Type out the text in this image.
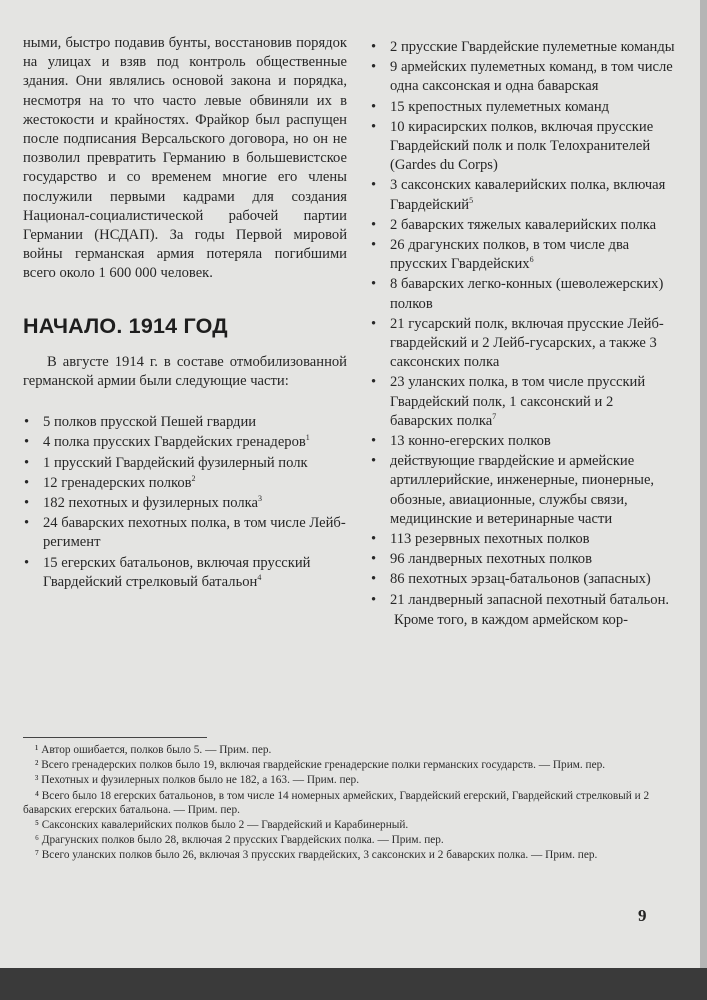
ными, быстро подавив бунты, восстановив порядок на улицах и взяв под контроль общественные здания. Они являлись основой закона и порядка, несмотря на то что часто левые обвиняли их в жестокости и крайностях. Фрайкор был распущен после подписания Версальского договора, но он не позволил превратить Германию в большевистское государство и со временем многие его члены послужили первыми кадрами для создания Национал-социалистической рабочей партии Германии (НСДАП). За годы Первой мировой войны германская армия потеряла погибшими всего около 1 600 000 человек.

НАЧАЛО. 1914 ГОД

В августе 1914 г. в составе отмобилизованной германской армии были следующие части:

• 5 полков прусской Пешей гвардии
• 4 полка прусских Гвардейских гренадеров$^1$
• 1 прусский Гвардейский фузилерный полк
• 12 гренадерских полков$^2$
• 182 пехотных и фузилерных полка$^3$
• 24 баварских пехотных полка, в том числе Лейб-регимент
• 15 егерских батальонов, включая прусский Гвардейский стрелковый батальон$^4$
• 2 прусские Гвардейские пулеметные команды
• 9 армейских пулеметных команд, в том числе одна саксонская и одна баварская
• 15 крепостных пулеметных команд
• 10 кирасирских полков, включая прусские Гвардейский полк и полк Телохранителей (Gardes du Corps)
• 3 саксонских кавалерийских полка, включая Гвардейский$^5$
• 2 баварских тяжелых кавалерийских полка
• 26 драгунских полков, в том числе два прусских Гвардейских$^6$
• 8 баварских легко-конных (шеволежерских) полков
• 21 гусарский полк, включая прусские Лейб-гвардейский и 2 Лейб-гусарских, а также 3 саксонских полка
• 23 уланских полка, в том числе прусский Гвардейский полк, 1 саксонский и 2 баварских полка$^7$
• 13 конно-егерских полков
• действующие гвардейские и армейские артиллерийские, инженерные, пионерные, обозные, авиационные, службы связи, медицинские и ветеринарные части
• 113 резервных пехотных полков
• 96 ландверных пехотных полков
• 86 пехотных эрзац-батальонов (запасных)
• 21 ландверный запасной пехотный батальон.

Кроме того, в каждом армейском кор-

¹ Автор ошибается, полков было 5. — Прим. пер.

² Всего гренадерских полков было 19, включая гвардейские гренадерские полки германских государств. — Прим. пер.

³ Пехотных и фузилерных полков было не 182, а 163. — Прим. пер.

⁴ Всего было 18 егерских батальонов, в том числе 14 номерных армейских, Гвардейский егерский, Гвардейский стрелковый и 2 баварских егерских батальона. — Прим. пер.

⁵ Саксонских кавалерийских полков было 2 — Гвардейский и Карабинерный.

⁶ Драгунских полков было 28, включая 2 прусских Гвардейских полка. — Прим. пер.

⁷ Всего уланских полков было 26, включая 3 прусских гвардейских, 3 саксонских и 2 баварских полка. — Прим. пер.

9
